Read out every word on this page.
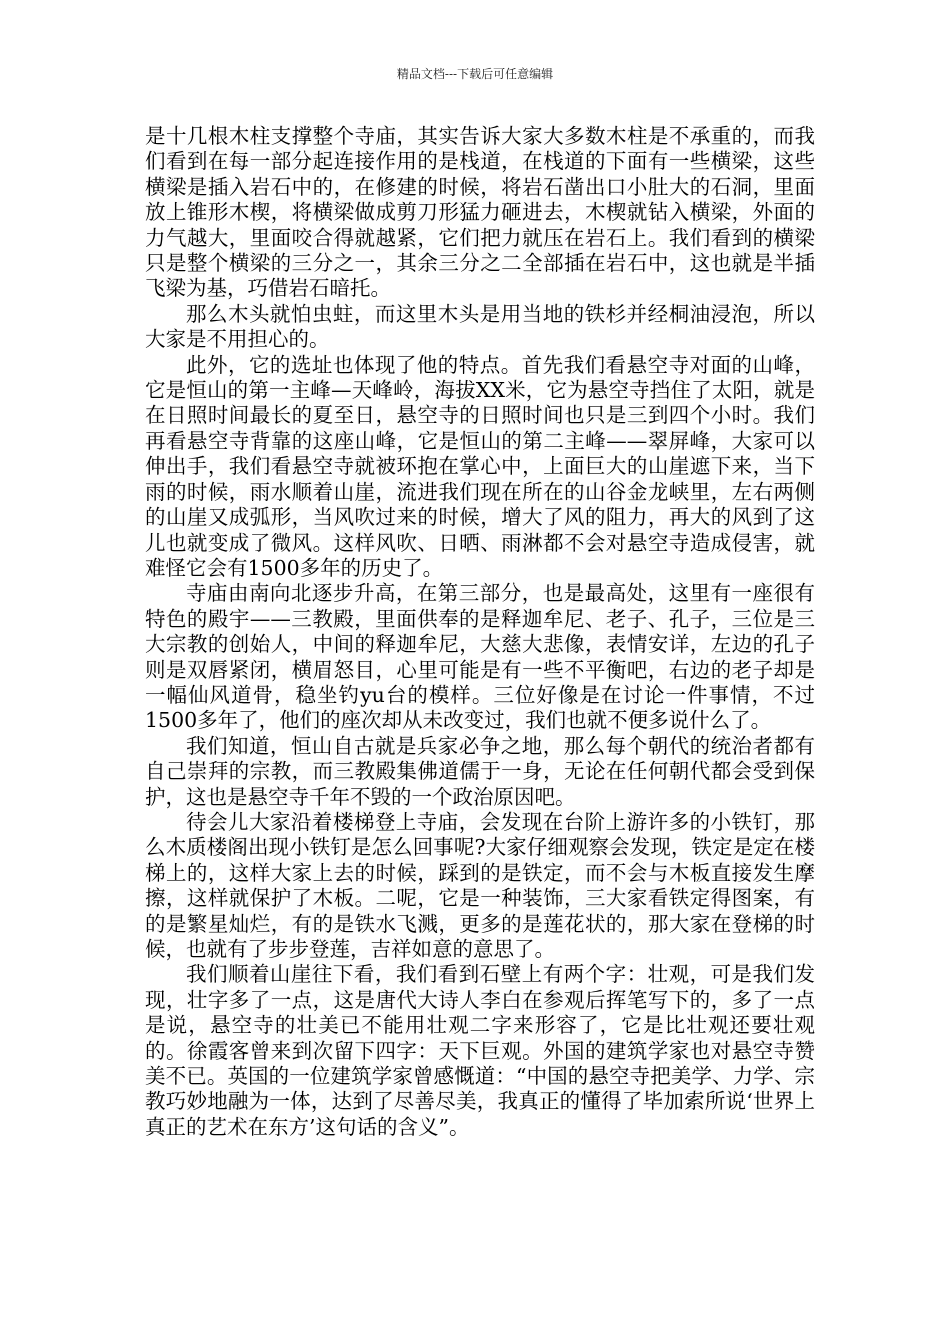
精品文档---下载后可任意编辑

是十几根木柱支撑整个寺庙，其实告诉大家大多数木柱是不承重的，而我们看到在每一部分起连接作用的是栈道，在栈道的下面有一些横梁，这些横梁是插入岩石中的，在修建的时候，将岩石凿出口小肚大的石洞，里面放上锥形木楔，将横梁做成剪刀形猛力砸进去，木楔就钻入横梁，外面的力气越大，里面咬合得就越紧，它们把力就压在岩石上。我们看到的横梁只是整个横梁的三分之一，其余三分之二全部插在岩石中，这也就是半插飞梁为基，巧借岩石暗托。

那么木头就怕虫蛀，而这里木头是用当地的铁杉并经桐油浸泡，所以大家是不用担心的。

此外，它的选址也体现了他的特点。首先我们看悬空寺对面的山峰，它是恒山的第一主峰—天峰岭，海拔XX米，它为悬空寺挡住了太阳，就是在日照时间最长的夏至日，悬空寺的日照时间也只是三到四个小时。我们再看悬空寺背靠的这座山峰，它是恒山的第二主峰——翠屏峰，大家可以伸出手，我们看悬空寺就被环抱在掌心中，上面巨大的山崖遮下来，当下雨的时候，雨水顺着山崖，流进我们现在所在的山谷金龙峡里，左右两侧的山崖又成弧形，当风吹过来的时候，增大了风的阻力，再大的风到了这儿也就变成了微风。这样风吹、日晒、雨淋都不会对悬空寺造成侵害，就难怪它会有1500多年的历史了。

寺庙由南向北逐步升高，在第三部分，也是最高处，这里有一座很有特色的殿宇——三教殿，里面供奉的是释迦牟尼、老子、孔子，三位是三大宗教的创始人，中间的释迦牟尼，大慈大悲像，表情安详，左边的孔子则是双唇紧闭，横眉怒目，心里可能是有一些不平衡吧，右边的老子却是一幅仙风道骨，稳坐钓yu台的模样。三位好像是在讨论一件事情，不过1500多年了，他们的座次却从未改变过，我们也就不便多说什么了。

我们知道，恒山自古就是兵家必争之地，那么每个朝代的统治者都有自己崇拜的宗教，而三教殿集佛道儒于一身，无论在任何朝代都会受到保护，这也是悬空寺千年不毁的一个政治原因吧。

待会儿大家沿着楼梯登上寺庙，会发现在台阶上游许多的小铁钉，那么木质楼阁出现小铁钉是怎么回事呢?大家仔细观察会发现，铁定是定在楼梯上的，这样大家上去的时候，踩到的是铁定，而不会与木板直接发生摩擦，这样就保护了木板。二呢，它是一种装饰，三大家看铁定得图案，有的是繁星灿烂，有的是铁水飞溅，更多的是莲花状的，那大家在登梯的时候，也就有了步步登莲，吉祥如意的意思了。

我们顺着山崖往下看，我们看到石壁上有两个字：壮观，可是我们发现，壮字多了一点，这是唐代大诗人李白在参观后挥笔写下的，多了一点是说，悬空寺的壮美已不能用壮观二字来形容了，它是比壮观还要壮观的。徐霞客曾来到次留下四字：天下巨观。外国的建筑学家也对悬空寺赞美不已。英国的一位建筑学家曾感慨道：“中国的悬空寺把美学、力学、宗教巧妙地融为一体，达到了尽善尽美，我真正的懂得了毕加索所说‘世界上真正的艺术在东方’这句话的含义”。
